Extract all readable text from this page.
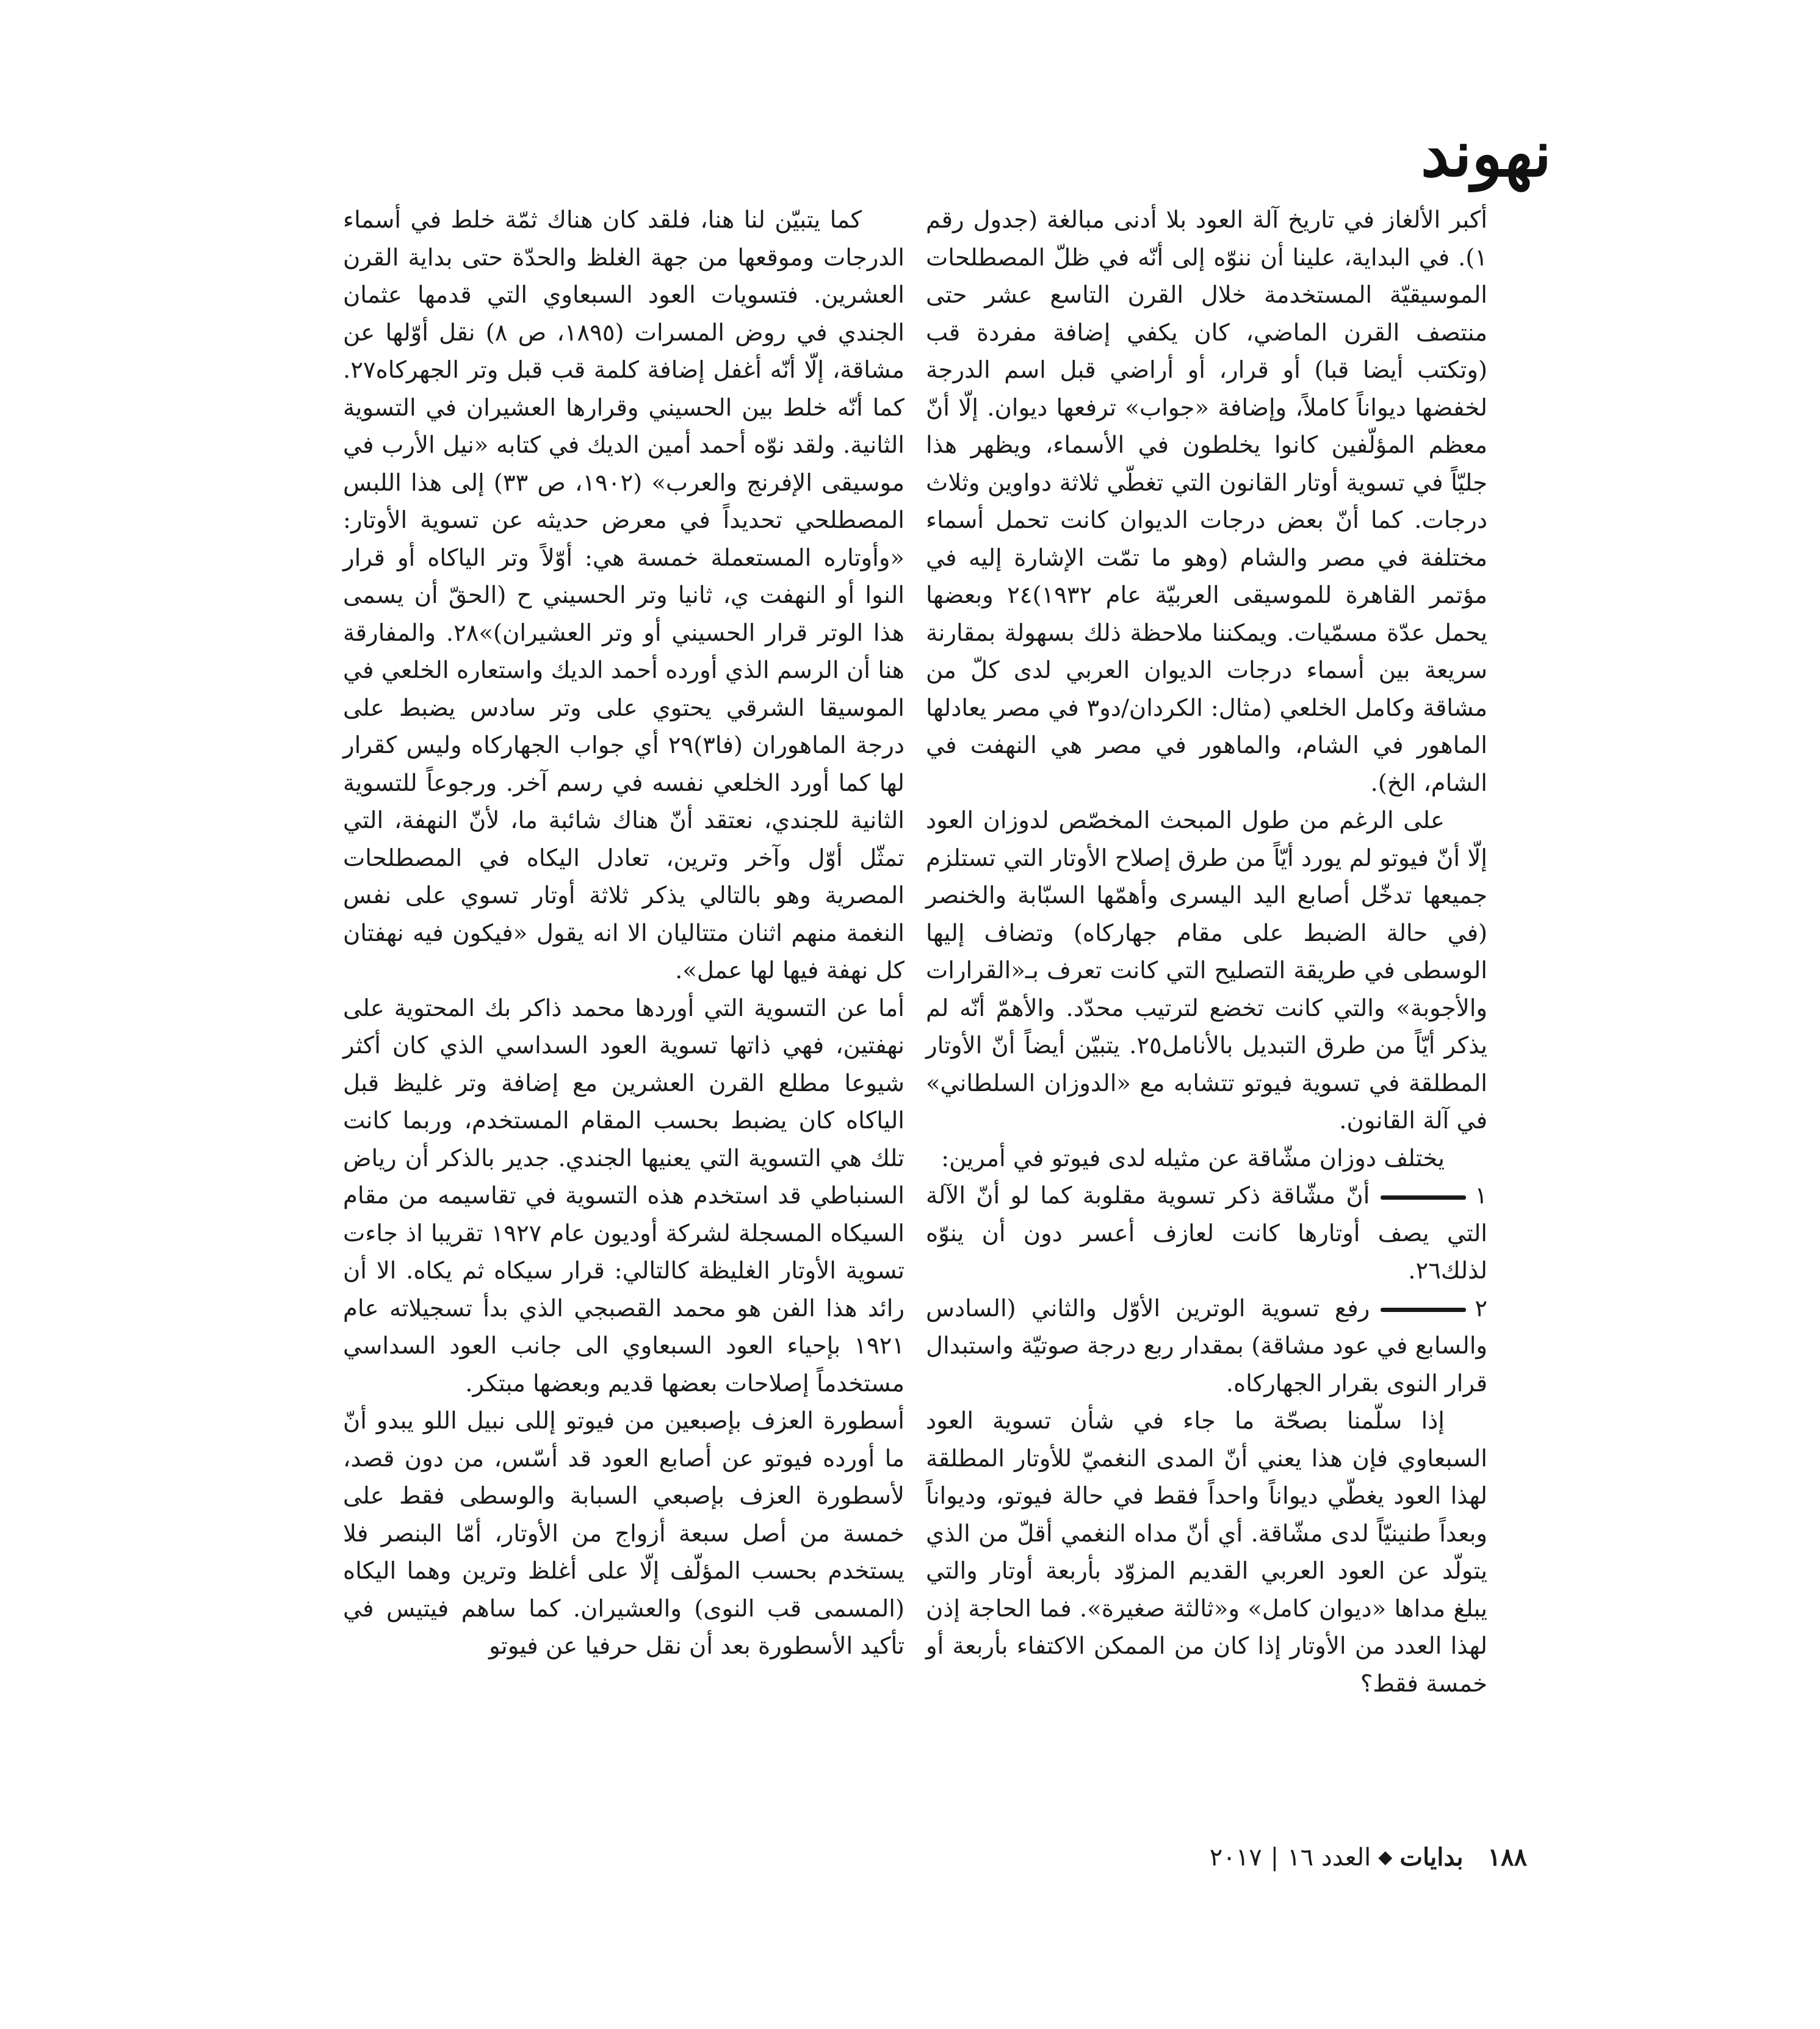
نهوند

أكبر الألغاز في تاريخ آلة العود بلا أدنى مبالغة (جدول رقم ١). في البداية، علينا أن ننوّه إلى أنّه في ظلّ المصطلحات الموسيقيّة المستخدمة خلال القرن التاسع عشر حتى منتصف القرن الماضي، كان يكفي إضافة مفردة قب (وتكتب أيضا قبا) أو قرار، أو أراضي قبل اسم الدرجة لخفضها ديواناً كاملاً، وإضافة «جواب» ترفعها ديوان. إلّا أنّ معظم المؤلّفين كانوا يخلطون في الأسماء، ويظهر هذا جليّاً في تسوية أوتار القانون التي تغطّي ثلاثة دواوين وثلاث درجات. كما أنّ بعض درجات الديوان كانت تحمل أسماء مختلفة في مصر والشام (وهو ما تمّت الإشارة إليه في مؤتمر القاهرة للموسيقى العربيّة عام ١٩٣٢)٢٤ وبعضها يحمل عدّة مسمّيات. ويمكننا ملاحظة ذلك بسهولة بمقارنة سريعة بين أسماء درجات الديوان العربي لدى كلّ من مشاقة وكامل الخلعي (مثال: الكردان/دو٣ في مصر يعادلها الماهور في الشام، والماهور في مصر هي النهفت في الشام، الخ).

على الرغم من طول المبحث المخصّص لدوزان العود إلّا أنّ فيوتو لم يورد أيّاً من طرق إصلاح الأوتار التي تستلزم جميعها تدخّل أصابع اليد اليسرى وأهمّها السبّابة والخنصر (في حالة الضبط على مقام جهاركاه) وتضاف إليها الوسطى في طريقة التصليح التي كانت تعرف بـ«القرارات والأجوبة» والتي كانت تخضع لترتيب محدّد. والأهمّ أنّه لم يذكر أيّاً من طرق التبديل بالأنامل٢٥. يتبيّن أيضاً أنّ الأوتار المطلقة في تسوية فيوتو تتشابه مع «الدوزان السلطاني» في آلة القانون.

يختلف دوزان مشّاقة عن مثيله لدى فيوتو في أمرين:

١أنّ مشّاقة ذكر تسوية مقلوبة كما لو أنّ الآلة التي يصف أوتارها كانت لعازف أعسر دون أن ينوّه لذلك٢٦.

٢رفع تسوية الوترين الأوّل والثاني (السادس والسابع في عود مشاقة) بمقدار ربع درجة صوتيّة واستبدال قرار النوى بقرار الجهاركاه.

إذا سلّمنا بصحّة ما جاء في شأن تسوية العود السبعاوي فإن هذا يعني أنّ المدى النغميّ للأوتار المطلقة لهذا العود يغطّي ديواناً واحداً فقط في حالة فيوتو، وديواناً وبعداً طنينيّاً لدى مشّاقة. أي أنّ مداه النغمي أقلّ من الذي يتولّد عن العود العربي القديم المزوّد بأربعة أوتار والتي يبلغ مداها «ديوان كامل» و«ثالثة صغيرة». فما الحاجة إذن لهذا العدد من الأوتار إذا كان من الممكن الاكتفاء بأربعة أو خمسة فقط؟

كما يتبيّن لنا هنا، فلقد كان هناك ثمّة خلط في أسماء الدرجات وموقعها من جهة الغلظ والحدّة حتى بداية القرن العشرين. فتسويات العود السبعاوي التي قدمها عثمان الجندي في روض المسرات (١٨٩٥، ص ٨) نقل أوّلها عن مشاقة، إلّا أنّه أغفل إضافة كلمة قب قبل وتر الجهركاه٢٧. كما أنّه خلط بين الحسيني وقرارها العشيران في التسوية الثانية. ولقد نوّه أحمد أمين الديك في كتابه «نيل الأرب في موسيقى الإفرنج والعرب» (١٩٠٢، ص ٣٣) إلى هذا اللبس المصطلحي تحديداً في معرض حديثه عن تسوية الأوتار: «وأوتاره المستعملة خمسة هي: أوّلاً وتر الياكاه أو قرار النوا أو النهفت ي، ثانيا وتر الحسيني ح (الحقّ أن يسمى هذا الوتر قرار الحسيني أو وتر العشيران)»٢٨. والمفارقة هنا أن الرسم الذي أورده أحمد الديك واستعاره الخلعي في الموسيقا الشرقي يحتوي على وتر سادس يضبط على درجة الماهوران (فا٣)٢٩ أي جواب الجهاركاه وليس كقرار لها كما أورد الخلعي نفسه في رسم آخر. ورجوعاً للتسوية الثانية للجندي، نعتقد أنّ هناك شائبة ما، لأنّ النهفة، التي تمثّل أوّل وآخر وترين، تعادل اليكاه في المصطلحات المصرية وهو بالتالي يذكر ثلاثة أوتار تسوي على نفس النغمة منهم اثنان متتاليان الا انه يقول «فيكون فيه نهفتان كل نهفة فيها لها عمل».

أما عن التسوية التي أوردها محمد ذاكر بك المحتوية على نهفتين، فهي ذاتها تسوية العود السداسي الذي كان أكثر شيوعا مطلع القرن العشرين مع إضافة وتر غليظ قبل الياكاه كان يضبط بحسب المقام المستخدم، وربما كانت تلك هي التسوية التي يعنيها الجندي. جدير بالذكر أن رياض السنباطي قد استخدم هذه التسوية في تقاسيمه من مقام السيكاه المسجلة لشركة أوديون عام ١٩٢٧ تقريبا اذ جاءت تسوية الأوتار الغليظة كالتالي: قرار سيكاه ثم يكاه. الا أن رائد هذا الفن هو محمد القصبجي الذي بدأ تسجيلاته عام ١٩٢١ بإحياء العود السبعاوي الى جانب العود السداسي مستخدماً إصلاحات بعضها قديم وبعضها مبتكر.

أسطورة العزف بإصبعين من فيوتو إللى نبيل اللو يبدو أنّ ما أورده فيوتو عن أصابع العود قد أسّس، من دون قصد، لأسطورة العزف بإصبعي السبابة والوسطى فقط على خمسة من أصل سبعة أزواج من الأوتار، أمّا البنصر فلا يستخدم بحسب المؤلّف إلّا على أغلظ وترين وهما اليكاه (المسمى قب النوى) والعشيران. كما ساهم فيتيس في تأكيد الأسطورة بعد أن نقل حرفيا عن فيوتو

١٨٨
بدايات
◆
العدد ١٦
|
٢٠١٧
